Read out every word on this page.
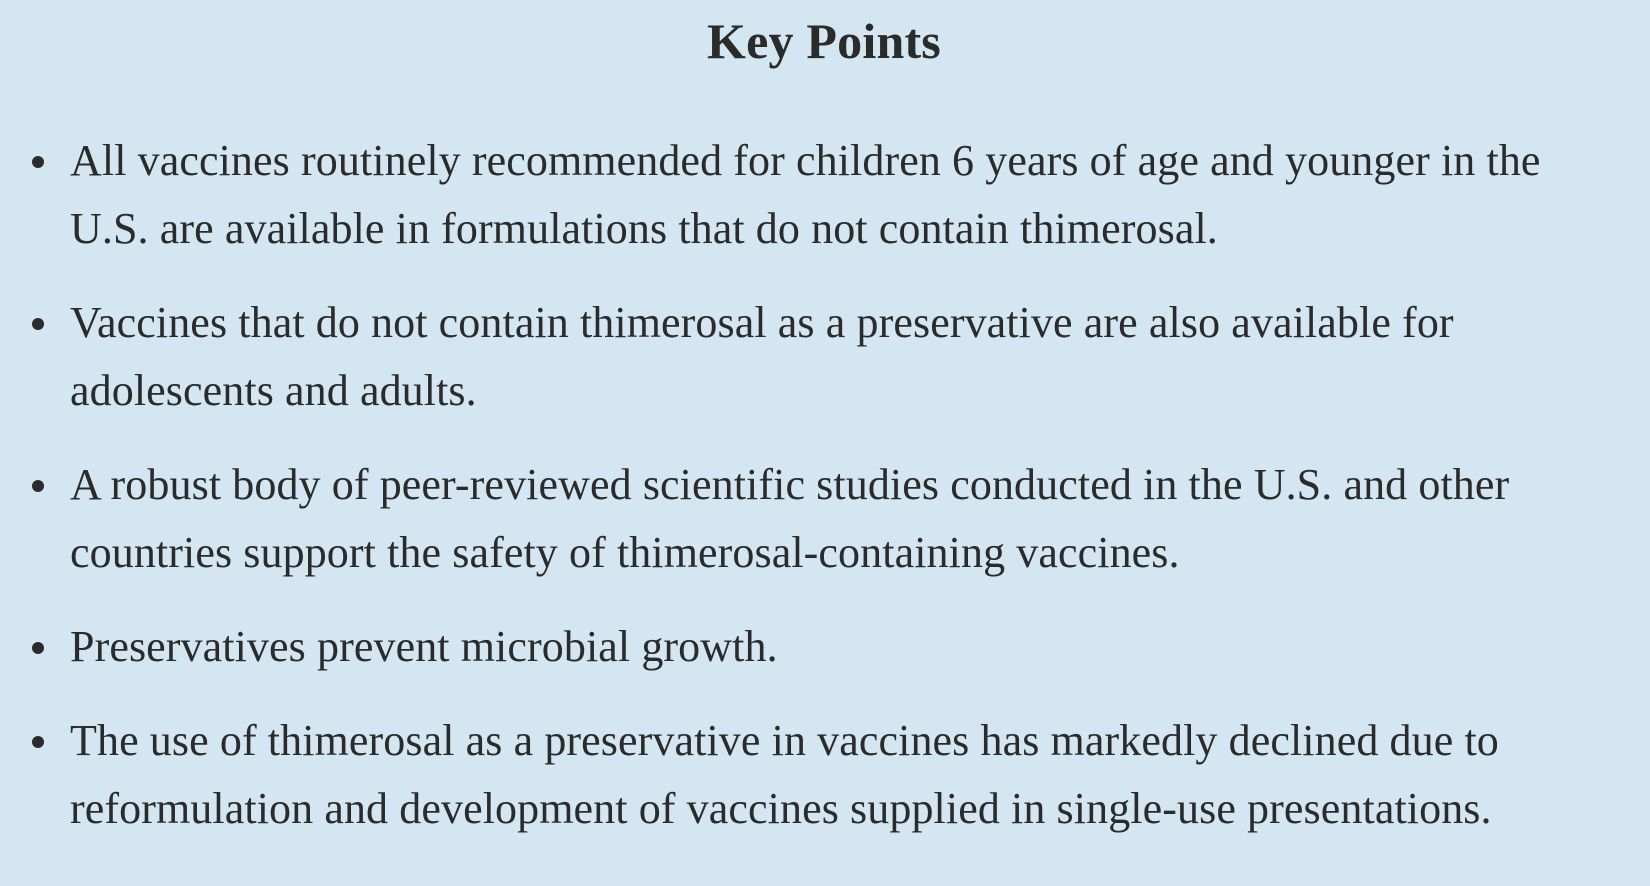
Key Points
All vaccines routinely recommended for children 6 years of age and younger in the U.S. are available in formulations that do not contain thimerosal.
Vaccines that do not contain thimerosal as a preservative are also available for adolescents and adults.
A robust body of peer-reviewed scientific studies conducted in the U.S. and other countries support the safety of thimerosal-containing vaccines.
Preservatives prevent microbial growth.
The use of thimerosal as a preservative in vaccines has markedly declined due to reformulation and development of vaccines supplied in single-use presentations.
